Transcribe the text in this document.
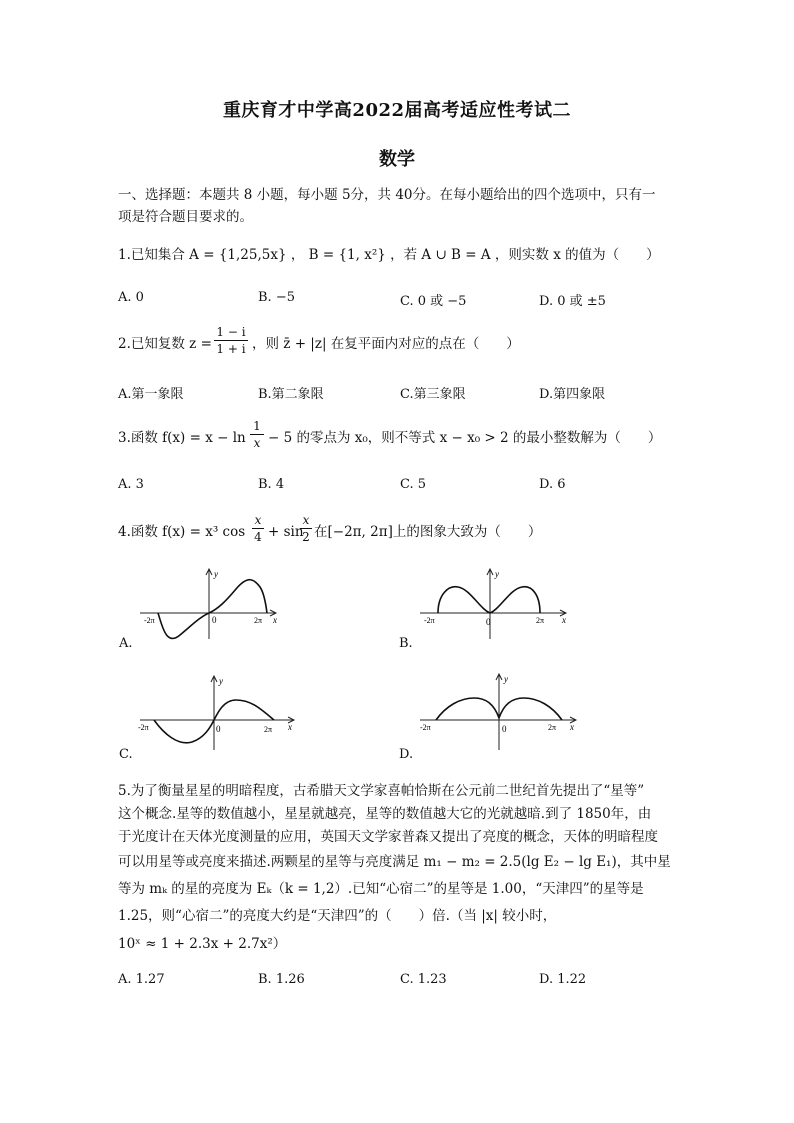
重庆育才中学高2022届高考适应性考试二
数学
一、选择题：本题共 8 小题，每小题 5分，共 40分。在每小题给出的四个选项中，只有一
项是符合题目要求的。
1.已知集合 A = {1,25,5x} ， B = {1, x²} ，若 A ∪ B = A ，则实数 x 的值为（　　）
A. 0	B. −5	C. 0 或 −5	D. 0 或 ±5
2.已知复数 $z = \frac{1 - i}{1 + i}$ ，则 z̄ + |z| 在复平面内对应的点在（　　）
A.第一象限	B.第二象限	C.第三象限	D.第四象限
3.函数 $f(x) = x - \ln \frac{1}{x} - 5$ 的零点为 x₀，则不等式 x − x₀ > 2 的最小整数解为（　　）
A. 3	B. 4	C. 5	D. 6
4.函数 f(x) = x³ $\cos \frac{x}{4} + \sin$
$\frac{x}{2}$ 在[−2π, 2π]上的图象大致为（　　）
-2π	0	2π x
y
A.
-2π	0	2π x
y
B.
-2π	0	2π x
y
C.
-2π	0	2π x
y
D.
5.为了衡量星星的明暗程度，古希腊天文学家喜帕恰斯在公元前二世纪首先提出了“星等”
这个概念.星等的数值越小，星星就越亮，星等的数值越大它的光就越暗.到了 1850年，由
于光度计在天体光度测量的应用，英国天文学家普森又提出了亮度的概念，天体的明暗程度
可以用星等或亮度来描述.两颗星的星等与亮度满足 m₁ − m₂ = 2.5(lg E₂ − lg E₁)，其中星
等为 mₖ 的星的亮度为 Eₖ（k = 1,2）.已知“心宿二”的星等是 1.00，“天津四”的星等是
1.25，则“心宿二”的亮度大约是“天津四”的（　　）倍.（当 |x| 较小时，
10ˣ ≈ 1 + 2.3x + 2.7x²）
A. 1.27	B. 1.26	C. 1.23	D. 1.22
